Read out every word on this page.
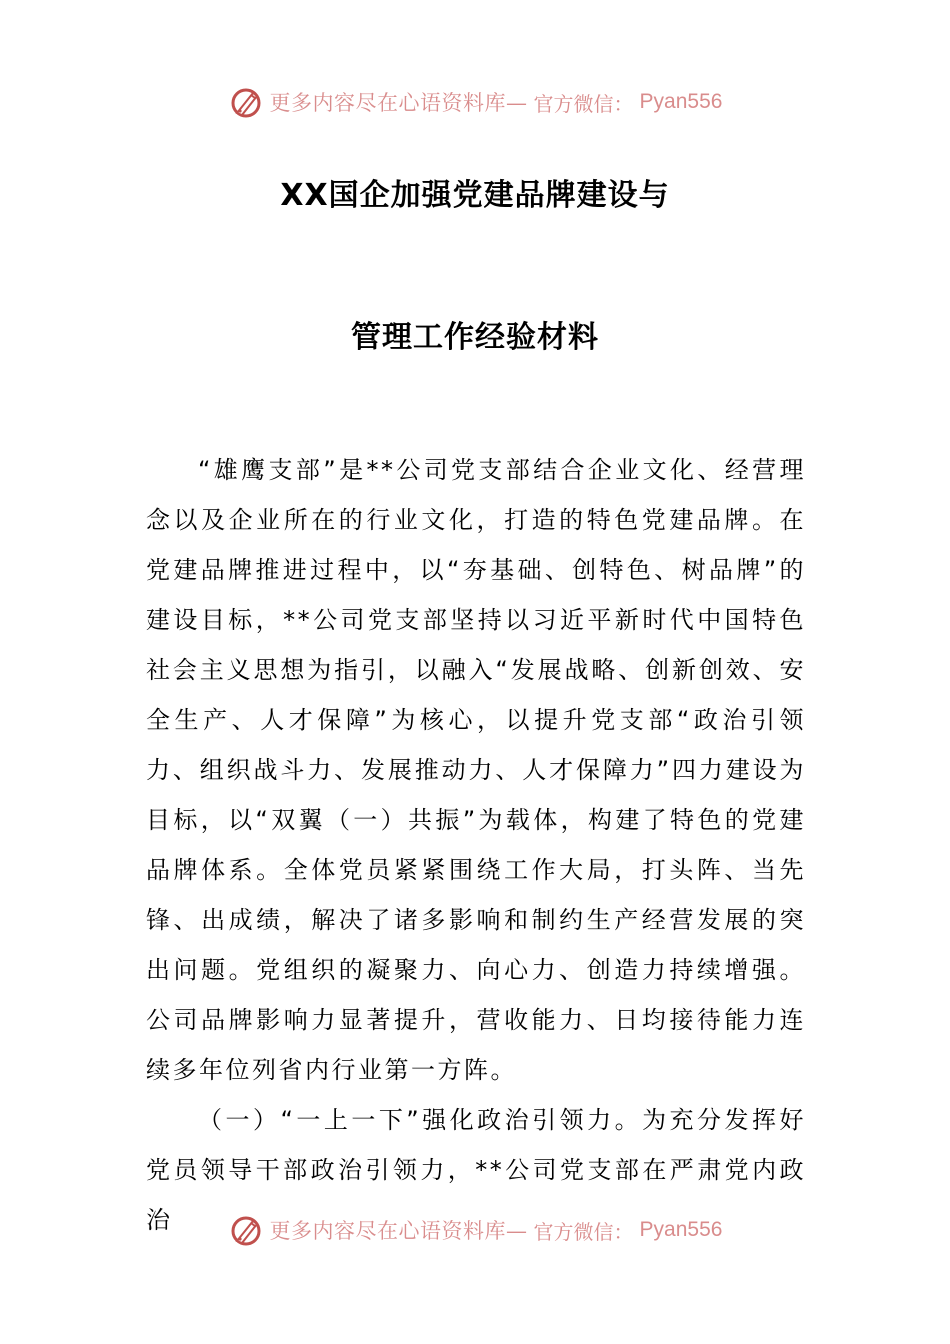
更多内容尽在心语资料库— 官方微信： Pyan556
XX国企加强党建品牌建设与
管理工作经验材料

“雄鹰支部”是**公司党支部结合企业文化、经营理念以及企业所在的行业文化，打造的特色党建品牌。在党建品牌推进过程中，以“夯基础、创特色、树品牌”的建设目标，**公司党支部坚持以习近平新时代中国特色社会主义思想为指引，以融入“发展战略、创新创效、安全生产、人才保障”为核心，以提升党支部“政治引领力、组织战斗力、发展推动力、人才保障力”四力建设为目标，以“双翼（一）共振”为载体，构建了特色的党建品牌体系。全体党员紧紧围绕工作大局，打头阵、当先锋、出成绩，解决了诸多影响和制约生产经营发展的突出问题。党组织的凝聚力、向心力、创造力持续增强。公司品牌影响力显著提升，营收能力、日均接待能力连续多年位列省内行业第一方阵。

（一）“一上一下”强化政治引领力。为充分发挥好党员领导干部政治引领力，**公司党支部在严肃党内政治	更多内容尽在心语资料库— 官方微信： Pyan556
